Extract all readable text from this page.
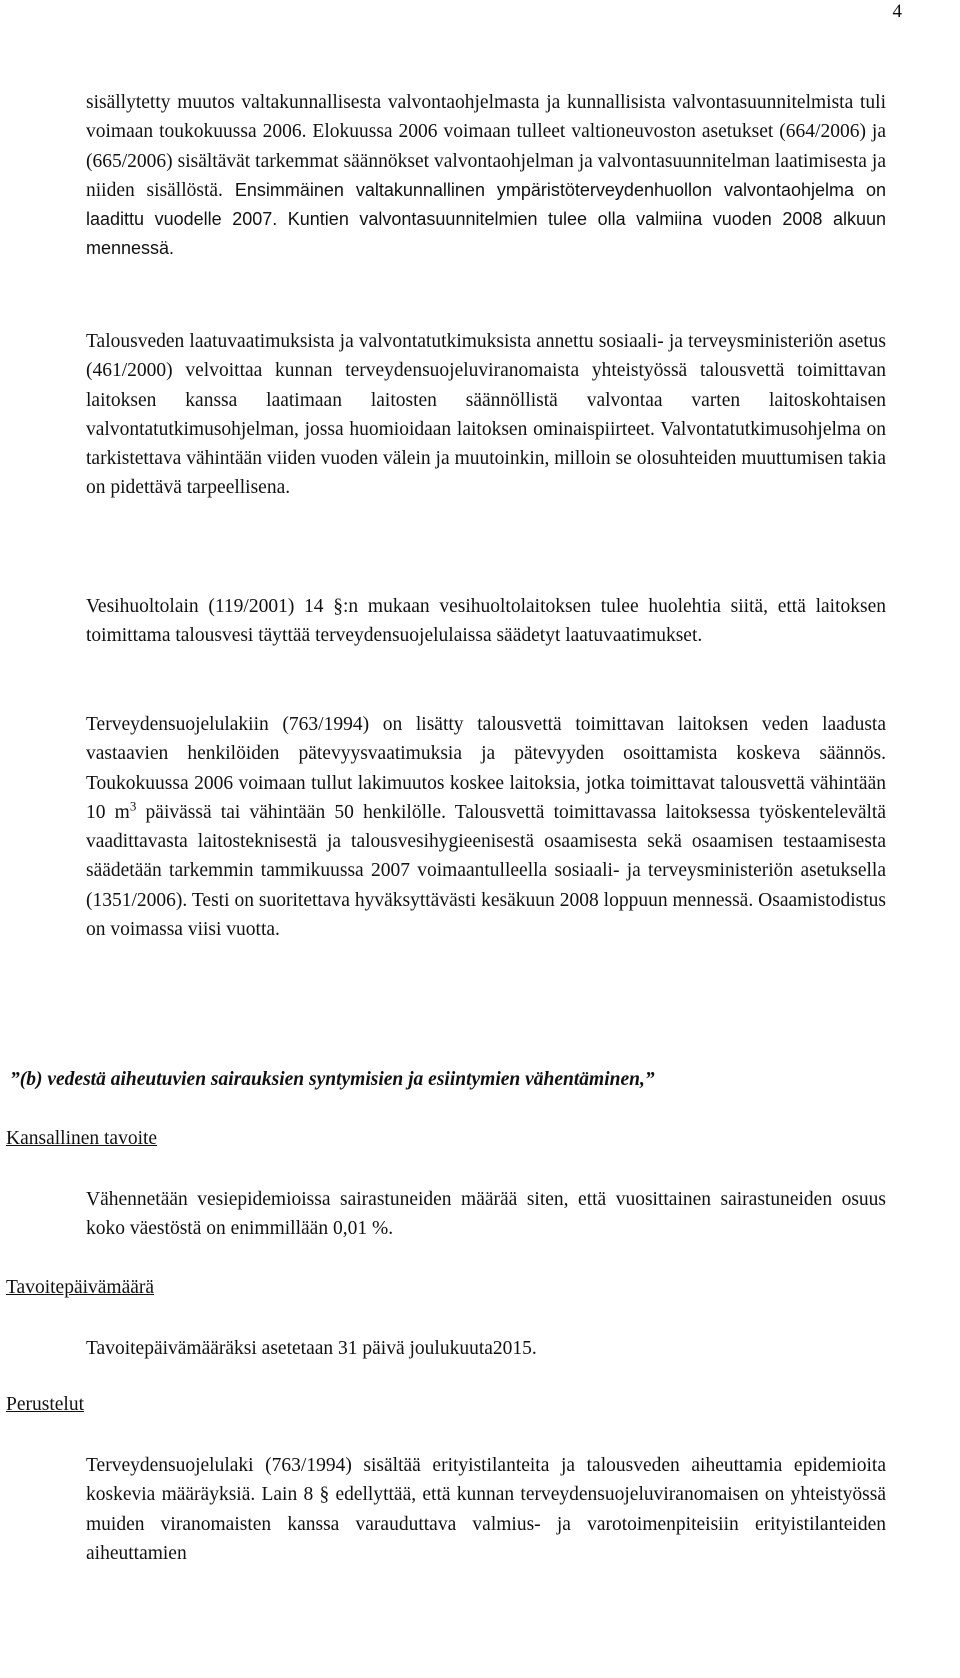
4

sisällytetty muutos valtakunnallisesta valvontaohjelmasta ja kunnallisista valvontasuunnitelmista tuli voimaan toukokuussa 2006. Elokuussa 2006 voimaan tulleet valtioneuvoston asetukset (664/2006) ja (665/2006) sisältävät tarkemmat säännökset valvontaohjelman ja valvontasuunnitelman laatimisesta ja niiden sisällöstä. Ensimmäinen valtakunnallinen ympäristöterveydenhuollon valvontaohjelma on laadittu vuodelle 2007. Kuntien valvontasuunnitelmien tulee olla valmiina vuoden 2008 alkuun mennessä.

Talousveden laatuvaatimuksista ja valvontatutkimuksista annettu sosiaali- ja terveysministeriön asetus (461/2000) velvoittaa kunnan terveydensuojeluviranomaista yhteistyössä talousvettä toimittavan laitoksen kanssa laatimaan laitosten säännöllistä valvontaa varten laitoskohtaisen valvontatutkimusohjelman, jossa huomioidaan laitoksen ominaispiirteet. Valvontatutkimusohjelma on tarkistettava vähintään viiden vuoden välein ja muutoinkin, milloin se olosuhteiden muuttumisen takia on pidettävä tarpeellisena.

Vesihuoltolain (119/2001) 14 §:n mukaan vesihuoltolaitoksen tulee huolehtia siitä, että laitoksen toimittama talousvesi täyttää terveydensuojelulaissa säädetyt laatuvaatimukset.

Terveydensuojelulakiin (763/1994) on lisätty talousvettä toimittavan laitoksen veden laadusta vastaavien henkilöiden pätevyysvaatimuksia ja pätevyyden osoittamista koskeva säännös. Toukokuussa 2006 voimaan tullut lakimuutos koskee laitoksia, jotka toimittavat talousvettä vähintään 10 $m^3$ päivässä tai vähintään 50 henkilölle. Talousvettä toimittavassa laitoksessa työskentelevältä vaadittavasta laitosteknisestä ja talousvesihygieenisestä osaamisesta sekä osaamisen testaamisesta säädetään tarkemmin tammikuussa 2007 voimaantulleella sosiaali- ja terveysministeriön asetuksella (1351/2006). Testi on suoritettava hyväksyttävästi kesäkuun 2008 loppuun mennessä. Osaamistodistus on voimassa viisi vuotta.

”(b) vedestä aiheutuvien sairauksien syntymisien ja esiintymien vähentäminen,”

Kansallinen tavoite

Vähennetään vesiepidemioissa sairastuneiden määrää siten, että vuosittainen sairastuneiden osuus koko väestöstä on enimmillään 0,01 %.

Tavoitepäivämäärä

Tavoitepäivämääräksi asetetaan 31 päivä joulukuuta2015.

Perustelut

Terveydensuojelulaki (763/1994) sisältää erityistilanteita ja talousveden aiheuttamia epidemioita koskevia määräyksiä. Lain 8 § edellyttää, että kunnan terveydensuojeluviranomaisen on yhteistyössä muiden viranomaisten kanssa varauduttava valmius- ja varotoimenpiteisiin erityistilanteiden aiheuttamien
